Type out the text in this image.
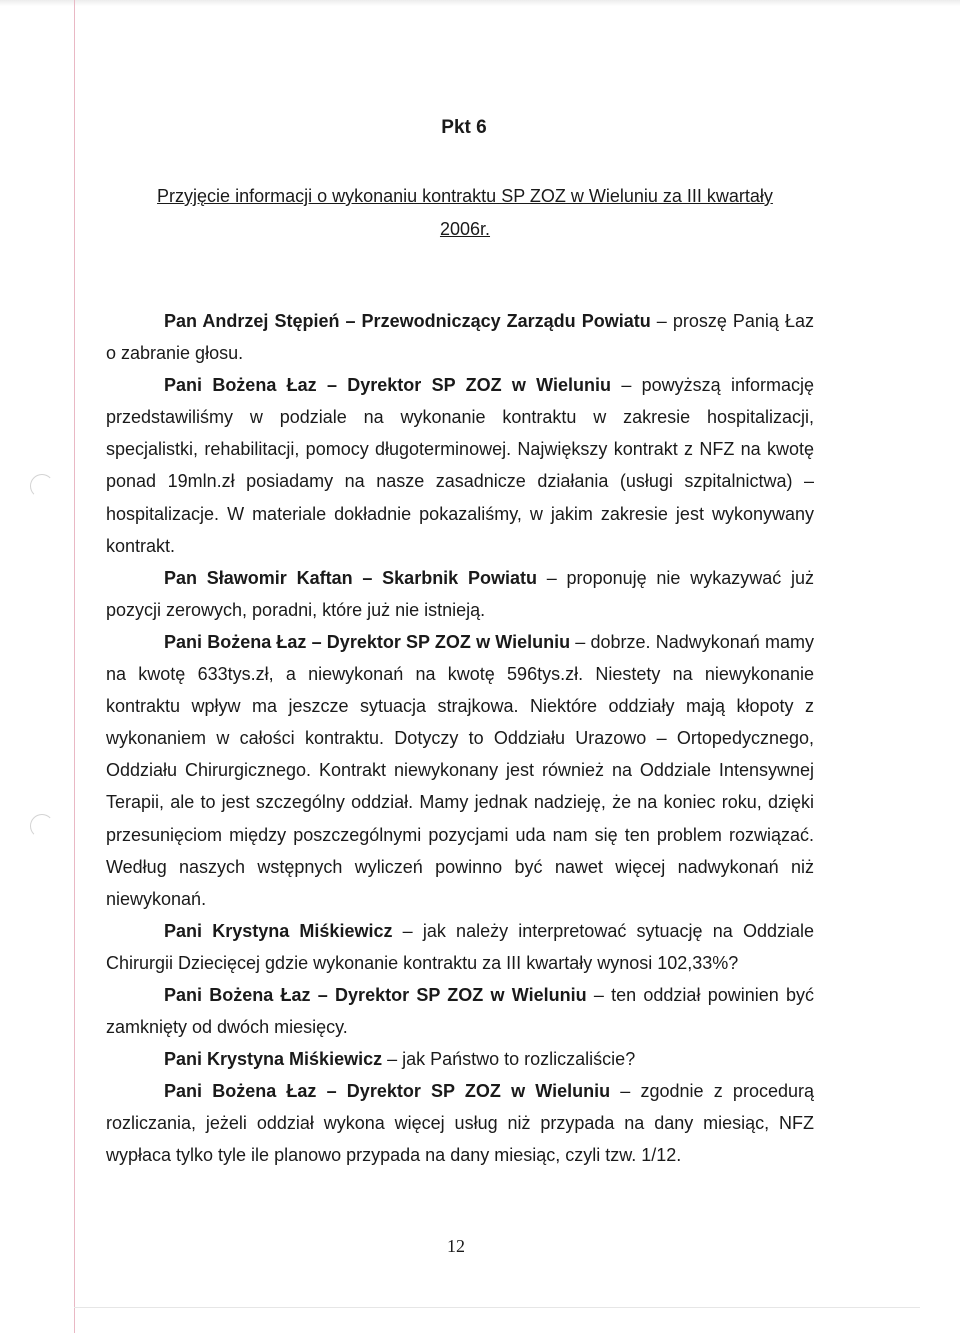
Pkt 6
Przyjęcie informacji o wykonaniu kontraktu SP ZOZ w Wieluniu za III kwartały
2006r.

Pan Andrzej Stępień – Przewodniczący Zarządu Powiatu – proszę Panią Łaz o zabranie głosu.

Pani Bożena Łaz – Dyrektor SP ZOZ w Wieluniu – powyższą informację przedstawiliśmy w podziale na wykonanie kontraktu w zakresie hospitalizacji, specjalistki, rehabilitacji, pomocy długoterminowej. Największy kontrakt z NFZ na kwotę ponad 19mln.zł posiadamy na nasze zasadnicze działania (usługi szpitalnictwa) – hospitalizacje. W materiale dokładnie pokazaliśmy, w jakim zakresie jest wykonywany kontrakt.

Pan Sławomir Kaftan – Skarbnik Powiatu – proponuję nie wykazywać już pozycji zerowych, poradni, które już nie istnieją.

Pani Bożena Łaz – Dyrektor SP ZOZ w Wieluniu – dobrze. Nadwykonań mamy na kwotę 633tys.zł, a niewykonań na kwotę 596tys.zł. Niestety na niewykonanie kontraktu wpływ ma jeszcze sytuacja strajkowa. Niektóre oddziały mają kłopoty z wykonaniem w całości kontraktu. Dotyczy to Oddziału Urazowo – Ortopedycznego, Oddziału Chirurgicznego. Kontrakt niewykonany jest również na Oddziale Intensywnej Terapii, ale to jest szczególny oddział. Mamy jednak nadzieję, że na koniec roku, dzięki przesunięciom między poszczególnymi pozycjami uda nam się ten problem rozwiązać. Według naszych wstępnych wyliczeń powinno być nawet więcej nadwykonań niż niewykonań.

Pani Krystyna Miśkiewicz – jak należy interpretować sytuację na Oddziale Chirurgii Dziecięcej gdzie wykonanie kontraktu za III kwartały wynosi 102,33%?

Pani Bożena Łaz – Dyrektor SP ZOZ w Wieluniu – ten oddział powinien być zamknięty od dwóch miesięcy.

Pani Krystyna Miśkiewicz – jak Państwo to rozliczaliście?

Pani Bożena Łaz – Dyrektor SP ZOZ w Wieluniu – zgodnie z procedurą rozliczania, jeżeli oddział wykona więcej usług niż przypada na dany miesiąc, NFZ wypłaca tylko tyle ile planowo przypada na dany miesiąc, czyli tzw. 1/12.

12
